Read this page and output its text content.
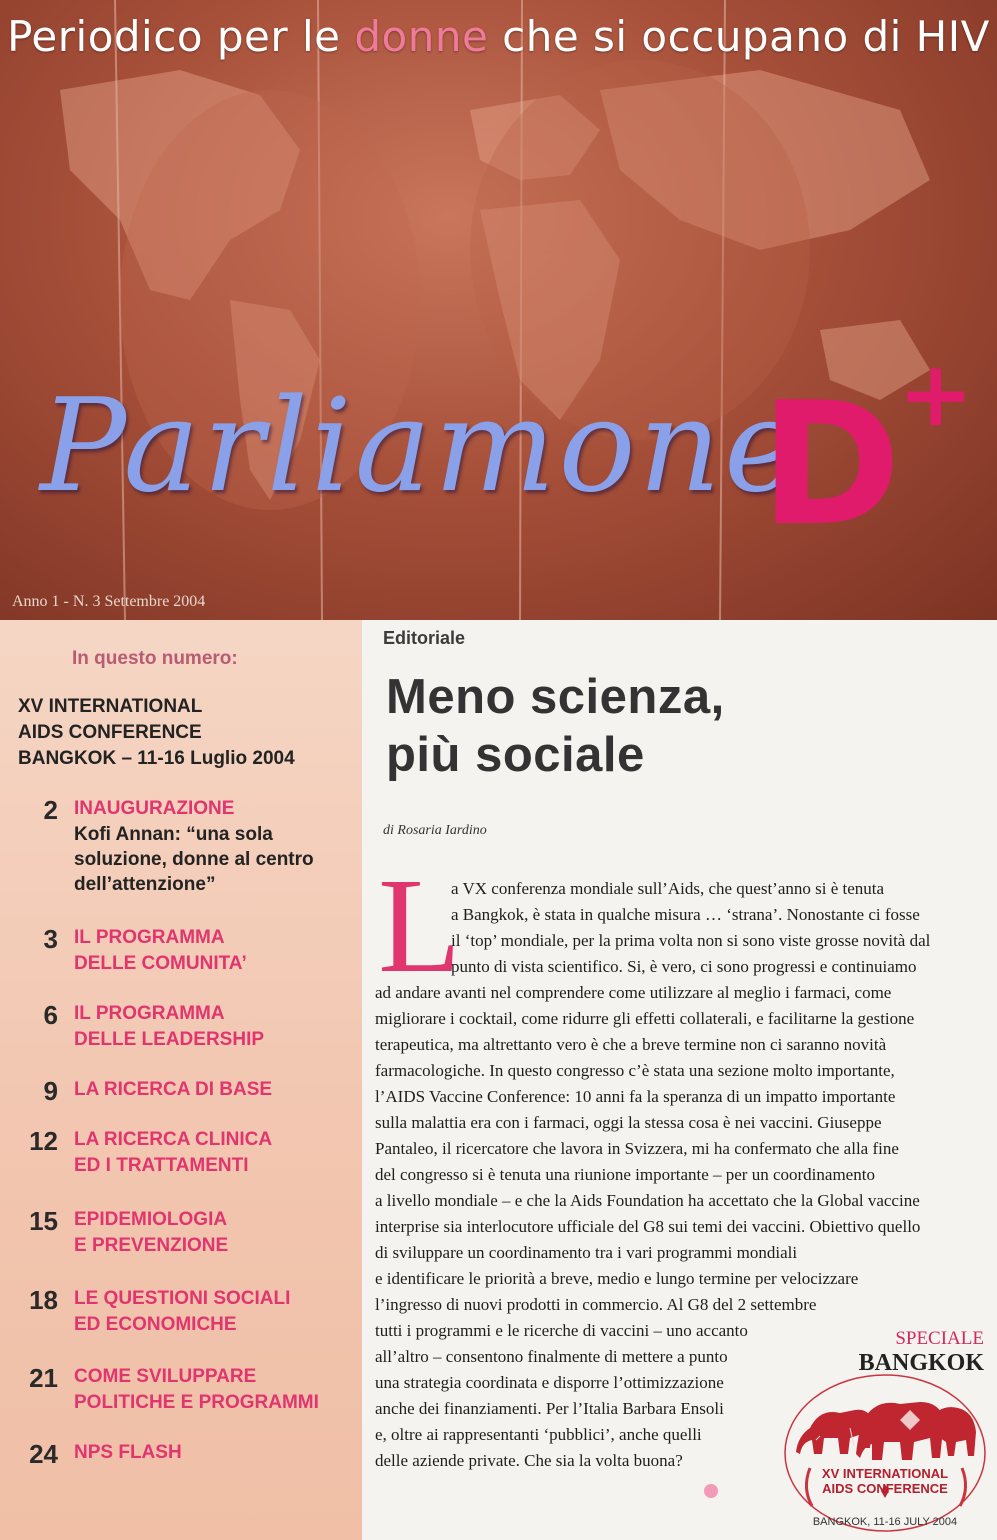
Periodico per le donne che si occupano di HIV
Parliamone
D
+
Anno 1 - N. 3 Settembre 2004
In questo numero:
XV INTERNATIONAL
AIDS CONFERENCE
BANGKOK – 11-16 Luglio 2004
2 INAUGURAZIONE
Kofi Annan: “una sola
soluzione, donne al centro
dell’attenzione”
3 IL PROGRAMMA
DELLE COMUNITA’
6 IL PROGRAMMA
DELLE LEADERSHIP
9 LA RICERCA DI BASE
12 LA RICERCA CLINICA
ED I TRATTAMENTI
15 EPIDEMIOLOGIA
E PREVENZIONE
18 LE QUESTIONI SOCIALI
ED ECONOMICHE
21 COME SVILUPPARE
POLITICHE E PROGRAMMI
24 NPS FLASH
Editoriale
Meno scienza,
più sociale
di Rosaria Iardino
L
a VX conferenza mondiale sull’Aids, che quest’anno si è tenuta
a Bangkok, è stata in qualche misura … ‘strana’. Nonostante ci fosse
il ‘top’ mondiale, per la prima volta non si sono viste grosse novità dal
punto di vista scientifico. Si, è vero, ci sono progressi e continuiamo
ad andare avanti nel comprendere come utilizzare al meglio i farmaci, come
migliorare i cocktail, come ridurre gli effetti collaterali, e facilitarne la gestione
terapeutica, ma altrettanto vero è che a breve termine non ci saranno novità
farmacologiche. In questo congresso c’è stata una sezione molto importante,
l’AIDS Vaccine Conference: 10 anni fa la speranza di un impatto importante
sulla malattia era con i farmaci, oggi la stessa cosa è nei vaccini. Giuseppe
Pantaleo, il ricercatore che lavora in Svizzera, mi ha confermato che alla fine
del congresso si è tenuta una riunione importante – per un coordinamento
a livello mondiale – e che la Aids Foundation ha accettato che la Global vaccine
interprise sia interlocutore ufficiale del G8 sui temi dei vaccini. Obiettivo quello
di sviluppare un coordinamento tra i vari programmi mondiali
e identificare le priorità a breve, medio e lungo termine per velocizzare
l’ingresso di nuovi prodotti in commercio. Al G8 del 2 settembre
tutti i programmi e le ricerche di vaccini – uno accanto
all’altro – consentono finalmente di mettere a punto
una strategia coordinata e disporre l’ottimizzazione
anche dei finanziamenti. Per l’Italia Barbara Ensoli
e, oltre ai rappresentanti ‘pubblici’, anche quelli
delle aziende private. Che sia la volta buona?
SPECIALE
BANGKOK
XV INTERNATIONAL
AIDS CONFERENCE
BANGKOK, 11-16 JULY 2004
